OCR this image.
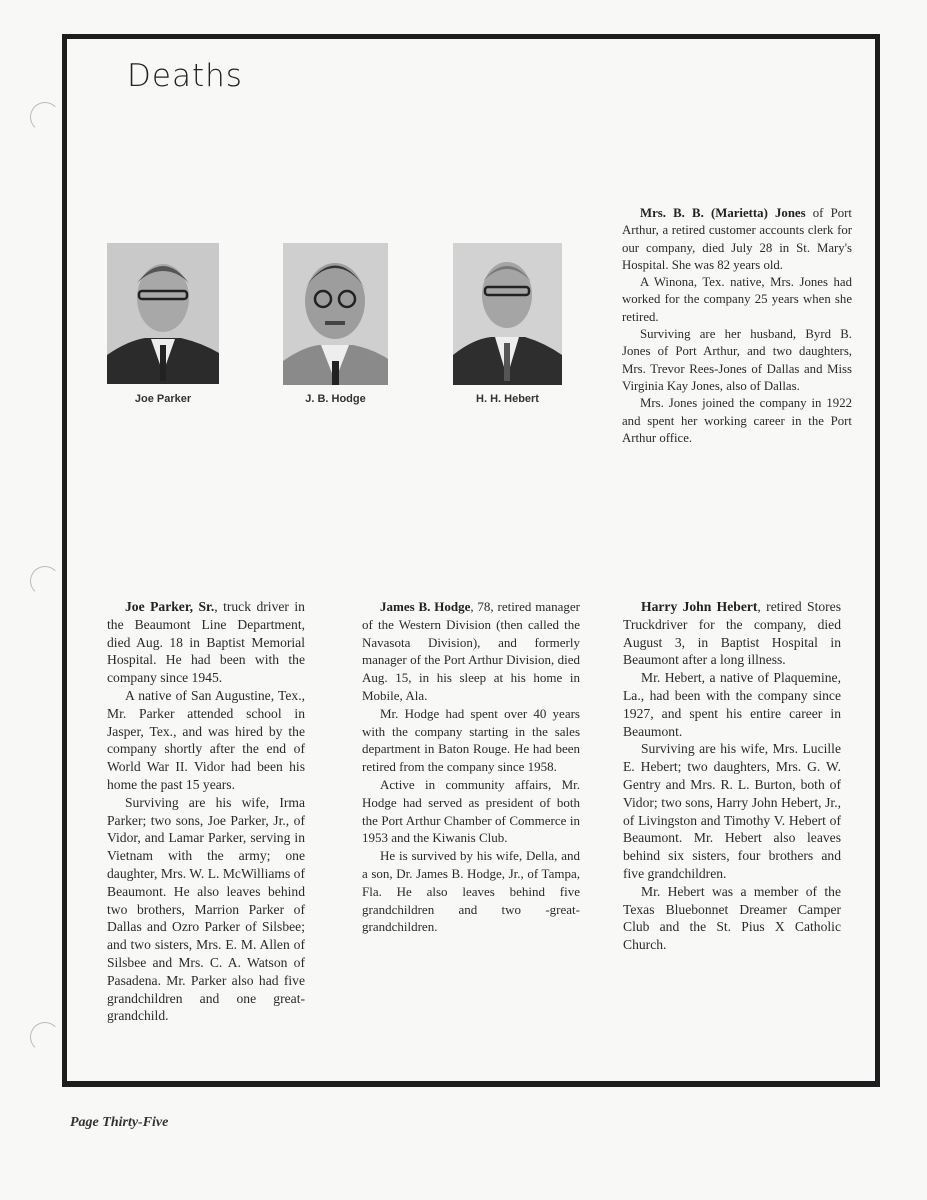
Deaths
Joe Parker	J. B. Hodge	H. H. Hebert

Mrs. B. B. (Marietta) Jones of Port Arthur, a retired customer accounts clerk for our company, died July 28 in St. Mary's Hospital. She was 82 years old.

A Winona, Tex. native, Mrs. Jones had worked for the company 25 years when she retired.

Surviving are her husband, Byrd B. Jones of Port Arthur, and two daughters, Mrs. Trevor Rees-Jones of Dallas and Miss Virginia Kay Jones, also of Dallas.

Mrs. Jones joined the company in 1922 and spent her working career in the Port Arthur office.

Joe Parker, Sr., truck driver in the Beaumont Line Department, died Aug. 18 in Baptist Memorial Hospital. He had been with the company since 1945.

A native of San Augustine, Tex., Mr. Parker attended school in Jasper, Tex., and was hired by the company shortly after the end of World War II. Vidor had been his home the past 15 years.

Surviving are his wife, Irma Parker; two sons, Joe Parker, Jr., of Vidor, and Lamar Parker, serving in Vietnam with the army; one daughter, Mrs. W. L. McWilliams of Beaumont. He also leaves behind two brothers, Marrion Parker of Dallas and Ozro Parker of Silsbee; and two sisters, Mrs. E. M. Allen of Silsbee and Mrs. C. A. Watson of Pasadena. Mr. Parker also had five grandchildren and one great-grandchild.

James B. Hodge, 78, retired manager of the Western Division (then called the Navasota Division), and formerly manager of the Port Arthur Division, died Aug. 15, in his sleep at his home in Mobile, Ala.

Mr. Hodge had spent over 40 years with the company starting in the sales department in Baton Rouge. He had been retired from the company since 1958.

Active in community affairs, Mr. Hodge had served as president of both the Port Arthur Chamber of Commerce in 1953 and the Kiwanis Club.

He is survived by his wife, Della, and a son, Dr. James B. Hodge, Jr., of Tampa, Fla. He also leaves behind five grandchildren and two -great-grandchildren.

Harry John Hebert, retired Stores Truckdriver for the company, died August 3, in Baptist Hospital in Beaumont after a long illness.

Mr. Hebert, a native of Plaquemine, La., had been with the company since 1927, and spent his entire career in Beaumont.

Surviving are his wife, Mrs. Lucille E. Hebert; two daughters, Mrs. G. W. Gentry and Mrs. R. L. Burton, both of Vidor; two sons, Harry John Hebert, Jr., of Livingston and Timothy V. Hebert of Beaumont. Mr. Hebert also leaves behind six sisters, four brothers and five grandchildren.

Mr. Hebert was a member of the Texas Bluebonnet Dreamer Camper Club and the St. Pius X Catholic Church.

Page Thirty-Five
